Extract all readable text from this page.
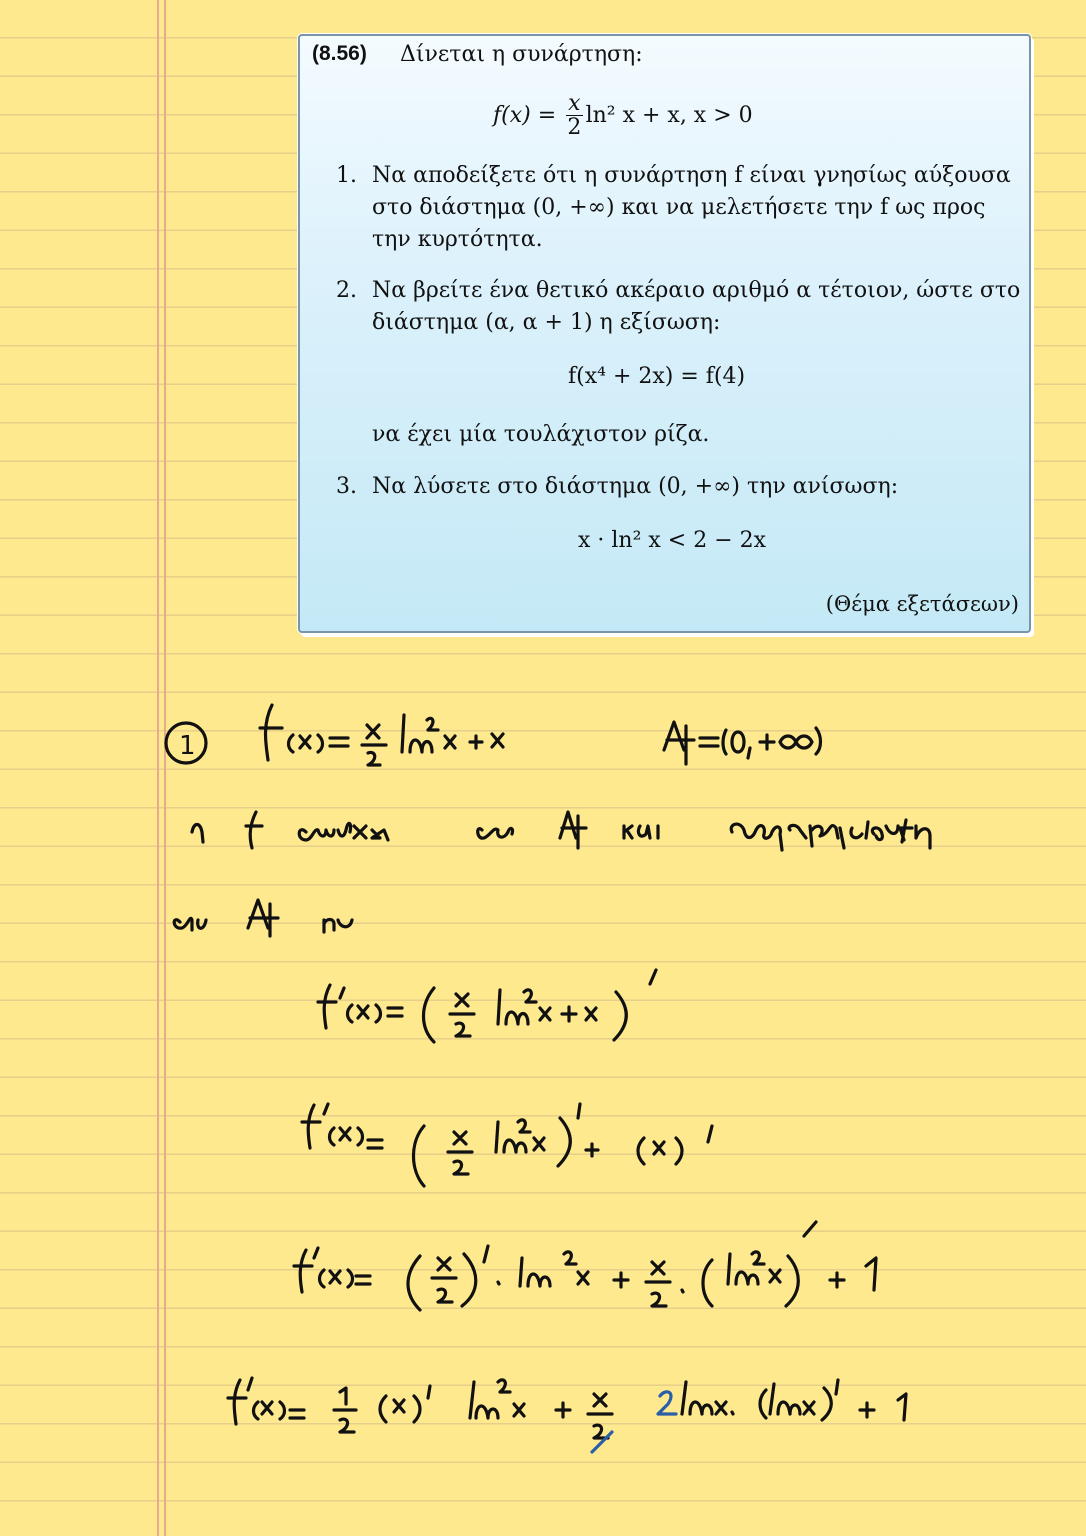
(8.56) Δίνεται η συνάρτηση:
$f(x) = \frac{x}{2} \ln^2$ x + x, x > 0
1. Να αποδείξετε ότι η συνάρτηση f είναι γνησίως αύξουσα
στο διάστημα (0, +∞) και να μελετήσετε την f ως προς
την κυρτότητα.
2. Να βρείτε ένα θετικό ακέραιο αριθμό α τέτοιον, ώστε στο
διάστημα (α, α + 1) η εξίσωση:
f(x⁴ + 2x) = f(4)
να έχει μία τουλάχιστον ρίζα.
3. Να λύσετε στο διάστημα (0, +∞) την ανίσωση:
x · ln² x < 2 − 2x
(Θέμα εξετάσεων)
1
